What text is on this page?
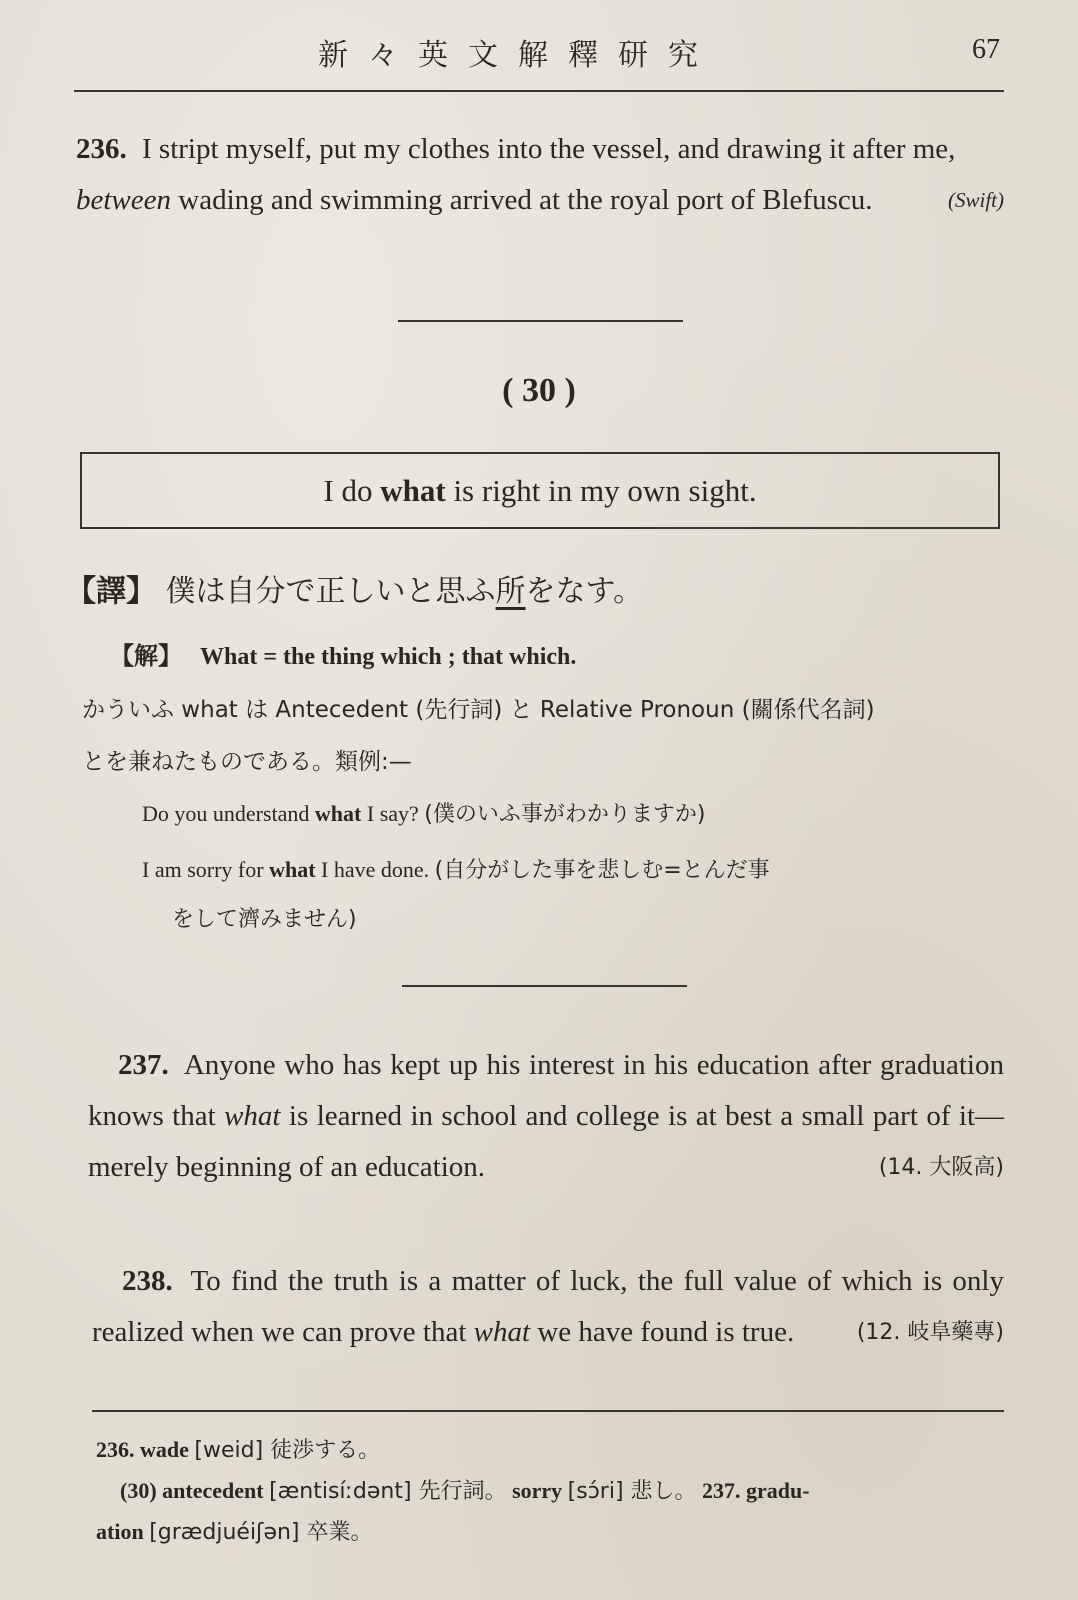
新々英文解釋研究	67
236. I stript myself, put my clothes into the vessel, and drawing it after me, between wading and swimming arrived at the royal port of Blefuscu.	(Swift)
( 30 )
I do what is right in my own sight.
【譯】 僕は自分で正しいと思ふ所をなす。
【解】 What = the thing which ; that which.
かういふ what は Antecedent (先行詞) と Relative Pronoun (關係代名詞)
とを兼ねたものである。類例:—
Do you understand what I say? (僕のいふ事がわかりますか)
I am sorry for what I have done. (自分がした事を悲しむ=とんだ事
をして濟みません)
237. Anyone who has kept up his interest in his education after graduation knows that what is learned in school and college is at best a small part of it—merely beginning of an education.	(14. 大阪高)
238. To find the truth is a matter of luck, the full value of which is only realized when we can prove that what we have found is true.	(12. 岐阜藥專)
236. wade [weid] 徒渉する。
(30) antecedent [æntisíːdənt] 先行詞。 sorry [sɔ́ri] 悲し。 237. gradu-
ation [grædjuéiʃən] 卒業。
